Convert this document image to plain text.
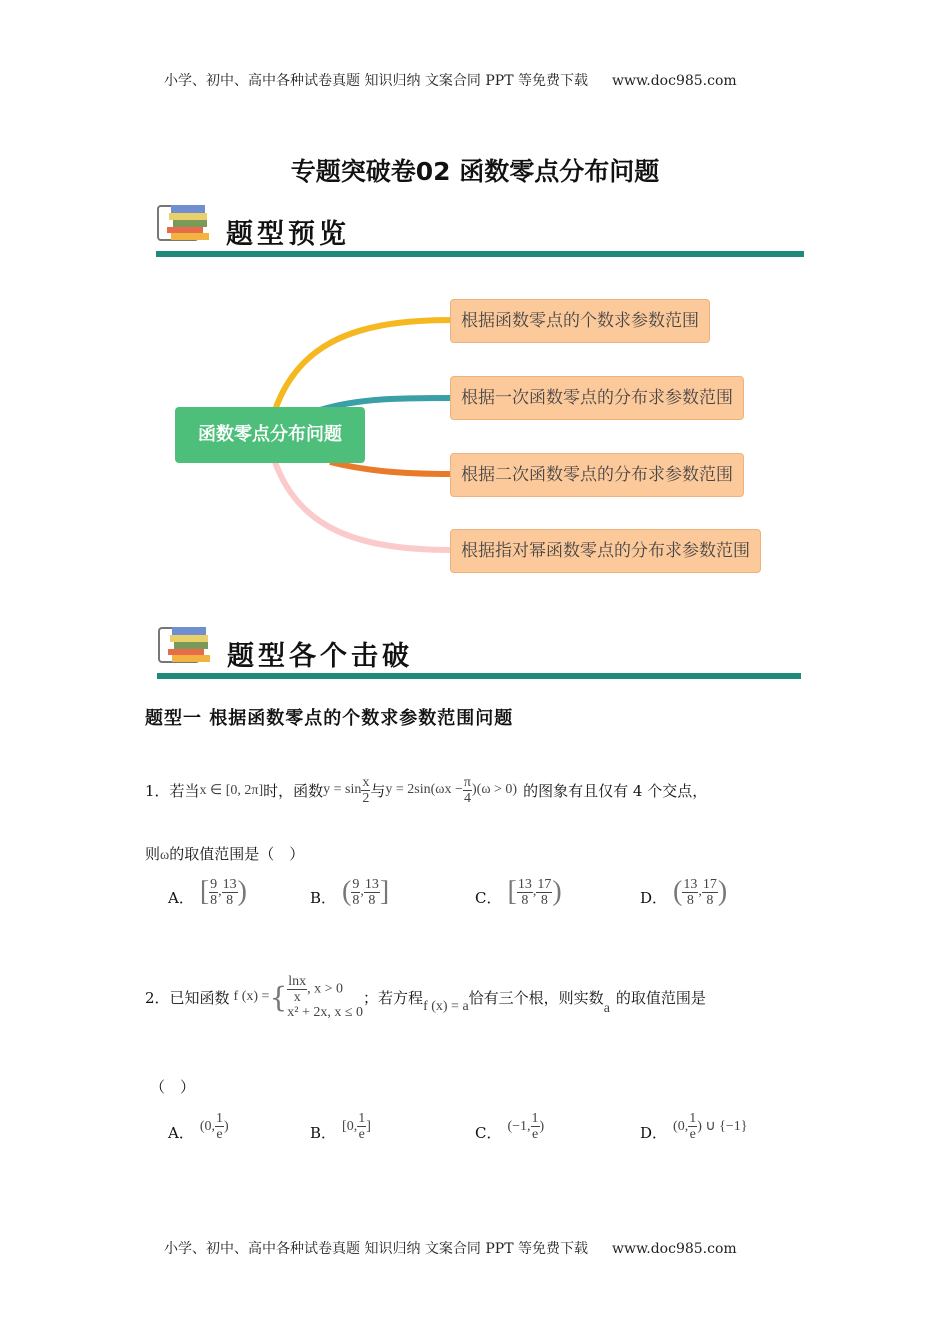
小学、初中、高中各种试卷真题 知识归纳 文案合同 PPT 等免费下载 www.doc985.com
专题突破卷02 函数零点分布问题
题型预览
函数零点分布问题
根据函数零点的个数求参数范围
根据一次函数零点的分布求参数范围
根据二次函数零点的分布求参数范围
根据指对幂函数零点的分布求参数范围
题型各个击破
题型一 根据函数零点的个数求参数范围问题
1．若当 x ∈ [0, 2π] 时，函数 $y = \sin \frac{x}{2}$ 与 $y = 2\sin(\omega x - \frac{\pi}{4} )(\omega > 0)$ 的图象有且仅有 4 个交点，
则ω的取值范围是（　）
2．已知函数 f (x) = { $\frac{\ln x}{x}$ , x > 0
x² + 2x, x ≤ 0
；若方程 f (x) = a 恰有三个根，则实数
a
的取值范围是
（　）
小学、初中、高中各种试卷真题 知识归纳 文案合同 PPT 等免费下载 www.doc985.com
A． [ $\frac{9}{8}$ , $\frac{13}{8}$ )	B． ( $\frac{9}{8}$ , $\frac{13}{8}$ ]	C． [ $\frac{13}{8}$ , $\frac{17}{8}$ )	D． ( $\frac{13}{8}$ , $\frac{17}{8}$ )
A． (0, $\frac{1}{e}$ )	B． [0, $\frac{1}{e}$ ]	C． (−1, $\frac{1}{e}$ )	D． (0, $\frac{1}{e}$ ) ∪ {−1}
